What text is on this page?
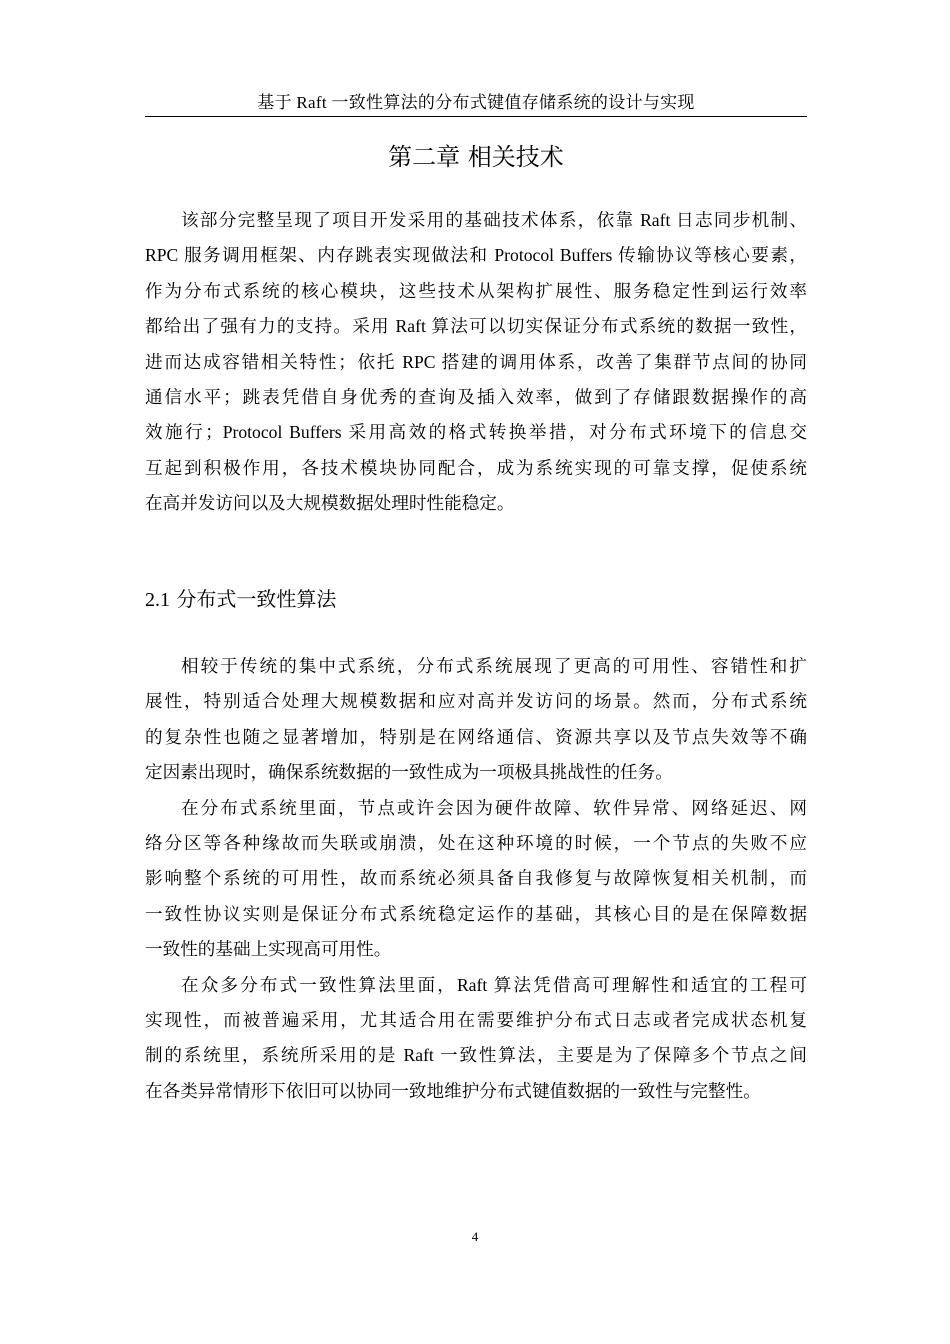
基于 Raft 一致性算法的分布式键值存储系统的设计与实现
第二章 相关技术
该部分完整呈现了项目开发采用的基础技术体系，依靠 Raft 日志同步机制、
RPC 服务调用框架、内存跳表实现做法和 Protocol Buffers 传输协议等核心要素，
作为分布式系统的核心模块，这些技术从架构扩展性、服务稳定性到运行效率
都给出了强有力的支持。采用 Raft 算法可以切实保证分布式系统的数据一致性，
进而达成容错相关特性；依托 RPC 搭建的调用体系，改善了集群节点间的协同
通信水平；跳表凭借自身优秀的查询及插入效率，做到了存储跟数据操作的高
效施行；Protocol Buffers 采用高效的格式转换举措，对分布式环境下的信息交
互起到积极作用，各技术模块协同配合，成为系统实现的可靠支撑，促使系统
在高并发访问以及大规模数据处理时性能稳定。
2.1 分布式一致性算法
相较于传统的集中式系统，分布式系统展现了更高的可用性、容错性和扩
展性，特别适合处理大规模数据和应对高并发访问的场景。然而，分布式系统
的复杂性也随之显著增加，特别是在网络通信、资源共享以及节点失效等不确
定因素出现时，确保系统数据的一致性成为一项极具挑战性的任务。
在分布式系统里面，节点或许会因为硬件故障、软件异常、网络延迟、网
络分区等各种缘故而失联或崩溃，处在这种环境的时候，一个节点的失败不应
影响整个系统的可用性，故而系统必须具备自我修复与故障恢复相关机制，而
一致性协议实则是保证分布式系统稳定运作的基础，其核心目的是在保障数据
一致性的基础上实现高可用性。
在众多分布式一致性算法里面，Raft 算法凭借高可理解性和适宜的工程可
实现性，而被普遍采用，尤其适合用在需要维护分布式日志或者完成状态机复
制的系统里，系统所采用的是 Raft 一致性算法，主要是为了保障多个节点之间
在各类异常情形下依旧可以协同一致地维护分布式键值数据的一致性与完整性。
4
